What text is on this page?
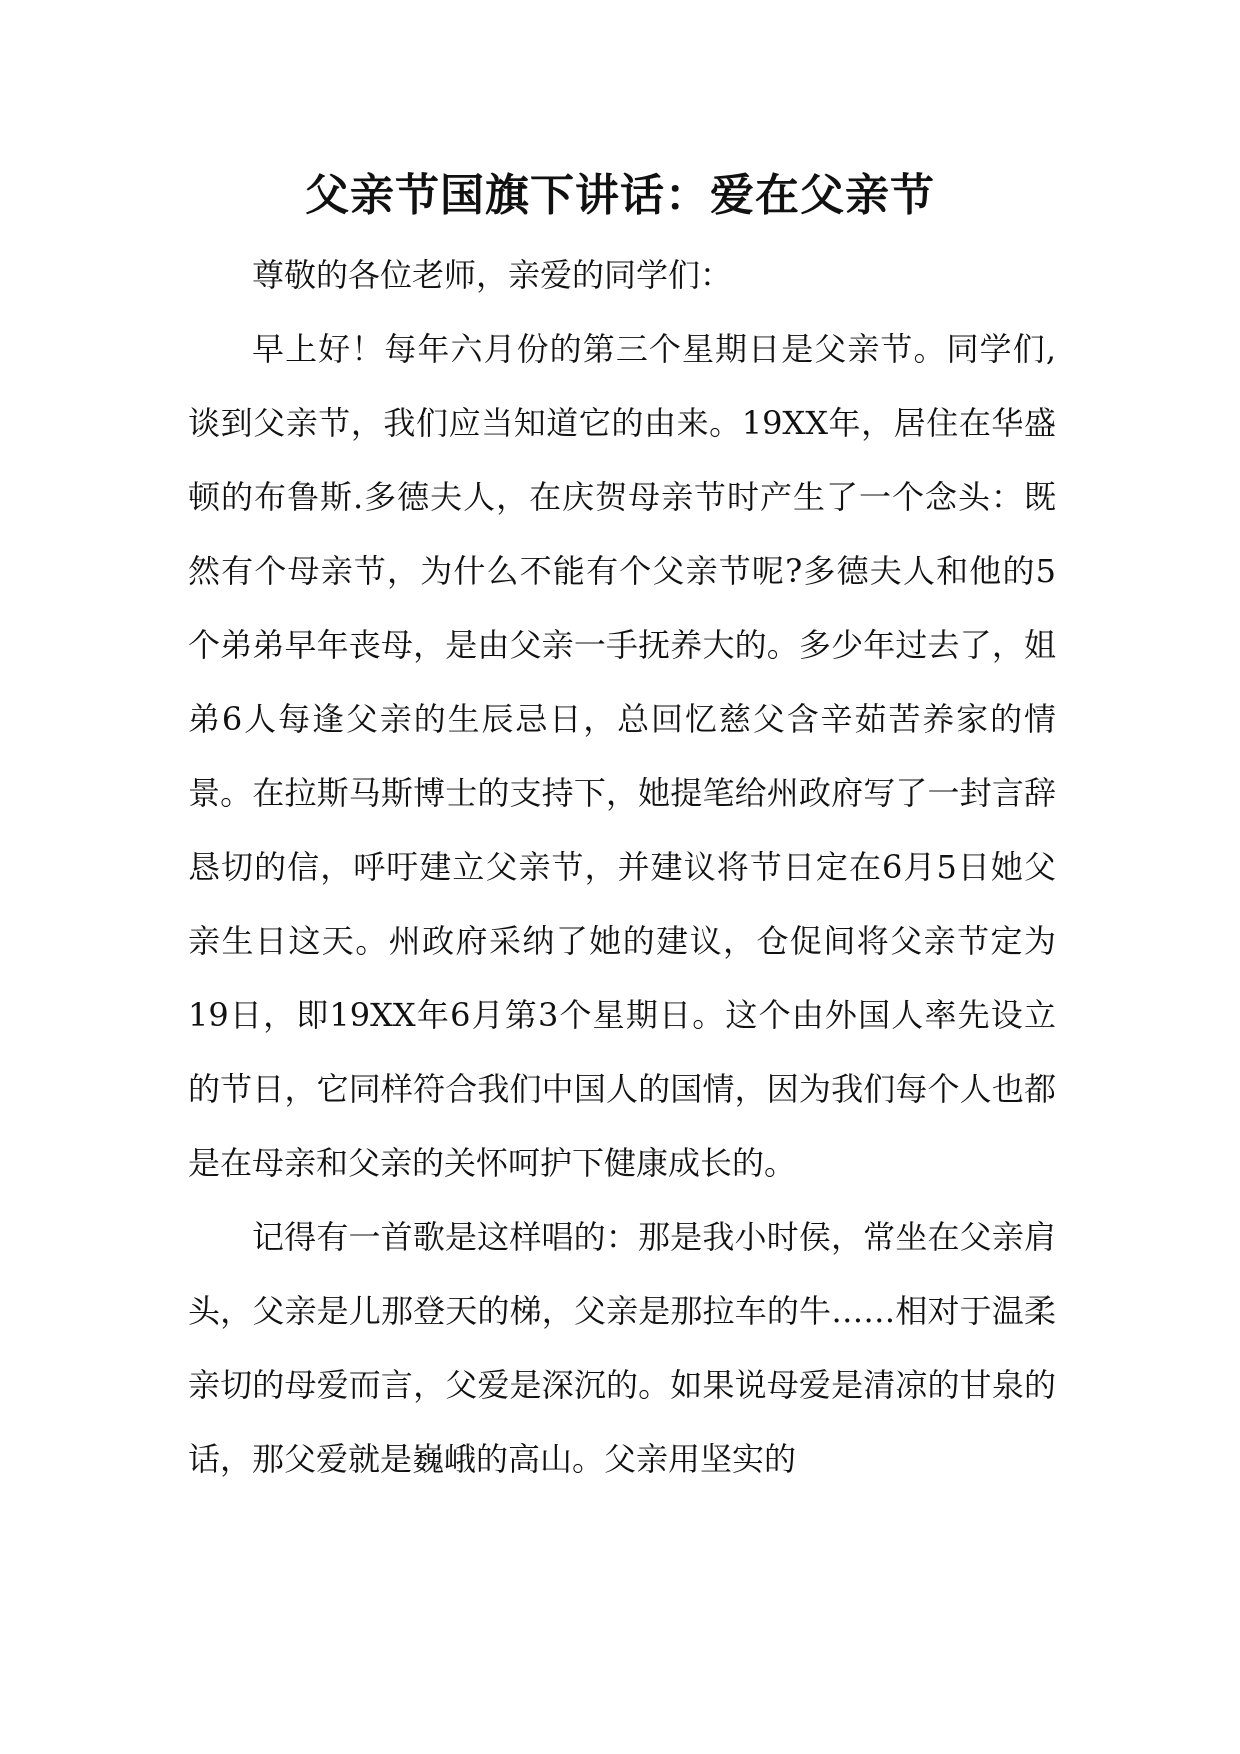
父亲节国旗下讲话：爱在父亲节

尊敬的各位老师，亲爱的同学们：

早上好！每年六月份的第三个星期日是父亲节。同学们,谈到父亲节，我们应当知道它的由来。19XX年，居住在华盛顿的布鲁斯.多德夫人，在庆贺母亲节时产生了一个念头：既然有个母亲节，为什么不能有个父亲节呢?多德夫人和他的5个弟弟早年丧母，是由父亲一手抚养大的。多少年过去了，姐弟6人每逢父亲的生辰忌日，总回忆慈父含辛茹苦养家的情景。在拉斯马斯博士的支持下，她提笔给州政府写了一封言辞恳切的信，呼吁建立父亲节，并建议将节日定在6月5日她父亲生日这天。州政府采纳了她的建议，仓促间将父亲节定为19日，即19XX年6月第3个星期日。这个由外国人率先设立的节日，它同样符合我们中国人的国情，因为我们每个人也都是在母亲和父亲的关怀呵护下健康成长的。

记得有一首歌是这样唱的：那是我小时侯，常坐在父亲肩头，父亲是儿那登天的梯，父亲是那拉车的牛……相对于温柔亲切的母爱而言，父爱是深沉的。如果说母爱是清凉的甘泉的话，那父爱就是巍峨的高山。父亲用坚实的
